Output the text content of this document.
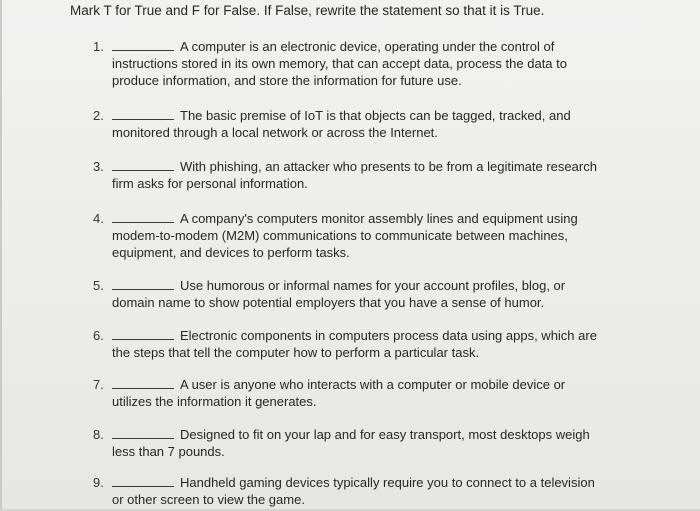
Mark T for True and F for False. If False, rewrite the statement so that it is True.
1.	A computer is an electronic device, operating under the control of instructions stored in its own memory, that can accept data, process the data to produce information, and store the information for future use.
2.	The basic premise of IoT is that objects can be tagged, tracked, and monitored through a local network or across the Internet.
3.	With phishing, an attacker who presents to be from a legitimate research firm asks for personal information.
4.	A company's computers monitor assembly lines and equipment using modem-to-modem (M2M) communications to communicate between machines, equipment, and devices to perform tasks.
5.	Use humorous or informal names for your account profiles, blog, or domain name to show potential employers that you have a sense of humor.
6.	Electronic components in computers process data using apps, which are the steps that tell the computer how to perform a particular task.
7.	A user is anyone who interacts with a computer or mobile device or utilizes the information it generates.
8.	Designed to fit on your lap and for easy transport, most desktops weigh less than 7 pounds.
9.	Handheld gaming devices typically require you to connect to a television or other screen to view the game.
